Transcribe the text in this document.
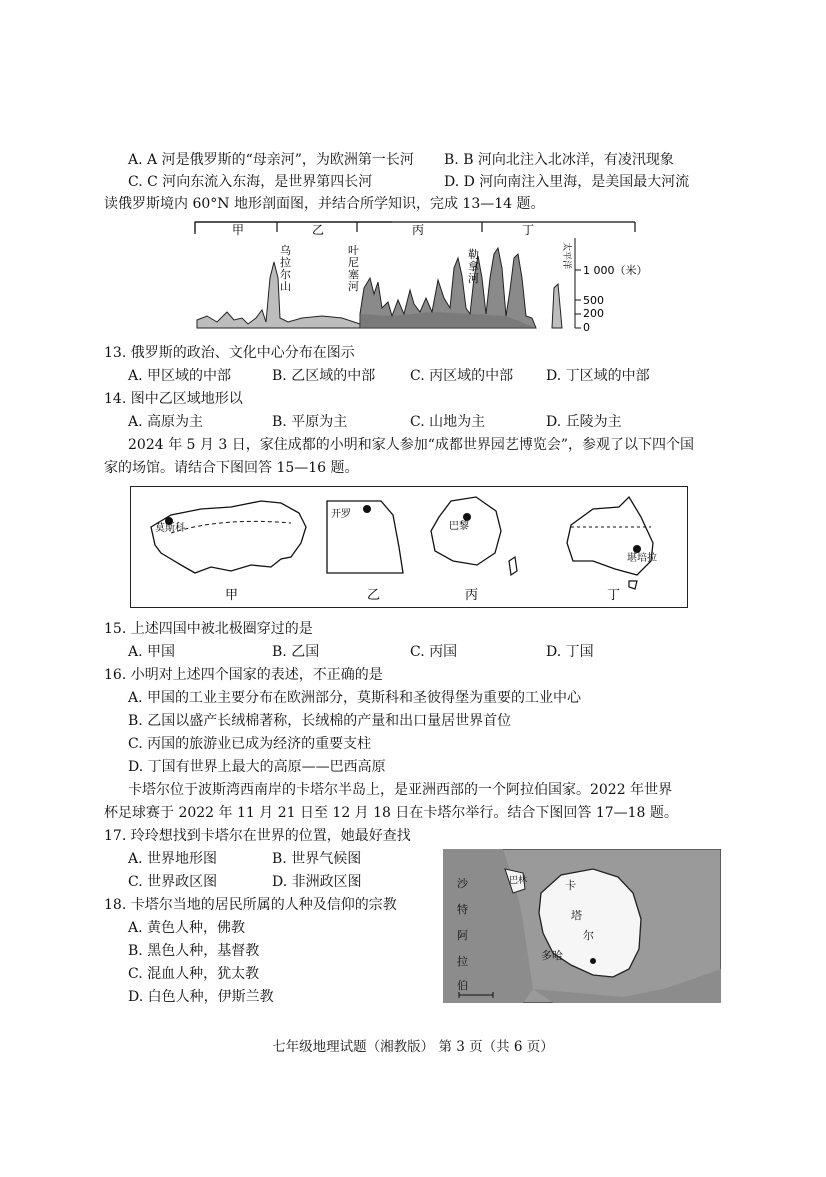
A. A 河是俄罗斯的“母亲河”，为欧洲第一长河 B. B 河向北注入北冰洋，有凌汛现象
C. C 河向东流入东海，是世界第四长河	D. D 河向南注入里海，是美国最大河流
读俄罗斯境内 60°N 地形剖面图，并结合所学知识，完成 13—14 题。
甲	乙	丙	丁
乌
拉
尔
山
叶
尼
塞
河
勒
拿
河
太平洋
1 000（米）
500
200
0
13. 俄罗斯的政治、文化中心分布在图示
A. 甲区域的中部	B. 乙区域的中部 C. 丙区域的中部 D. 丁区域的中部
14. 图中乙区域地形以
A. 高原为主	B. 平原为主	C. 山地为主	D. 丘陵为主
2024 年 5 月 3 日，家住成都的小明和家人参加“成都世界园艺博览会”，参观了以下四个国
家的场馆。请结合下图回答 15—16 题。
莫斯科
开罗
巴黎
堪培拉
甲	乙	丙	丁
15. 上述四国中被北极圈穿过的是
A. 甲国	B. 乙国	C. 丙国	D. 丁国
16. 小明对上述四个国家的表述，不正确的是
A. 甲国的工业主要分布在欧洲部分，莫斯科和圣彼得堡为重要的工业中心
B. 乙国以盛产长绒棉著称，长绒棉的产量和出口量居世界首位
C. 丙国的旅游业已成为经济的重要支柱
D. 丁国有世界上最大的高原——巴西高原
卡塔尔位于波斯湾西南岸的卡塔尔半岛上，是亚洲西部的一个阿拉伯国家。2022 年世界
杯足球赛于 2022 年 11 月 21 日至 12 月 18 日在卡塔尔举行。结合下图回答 17—18 题。
17. 玲玲想找到卡塔尔在世界的位置，她最好查找
A. 世界地形图	B. 世界气候图
C. 世界政区图	D. 非洲政区图
18. 卡塔尔当地的居民所属的人种及信仰的宗教
A. 黄色人种，佛教
B. 黑色人种，基督教
C. 混血人种，犹太教
D. 白色人种，伊斯兰教
沙
特
阿
拉
伯
卡
塔
尔
多哈
巴林
七年级地理试题（湘教版） 第 3 页（共 6 页）
